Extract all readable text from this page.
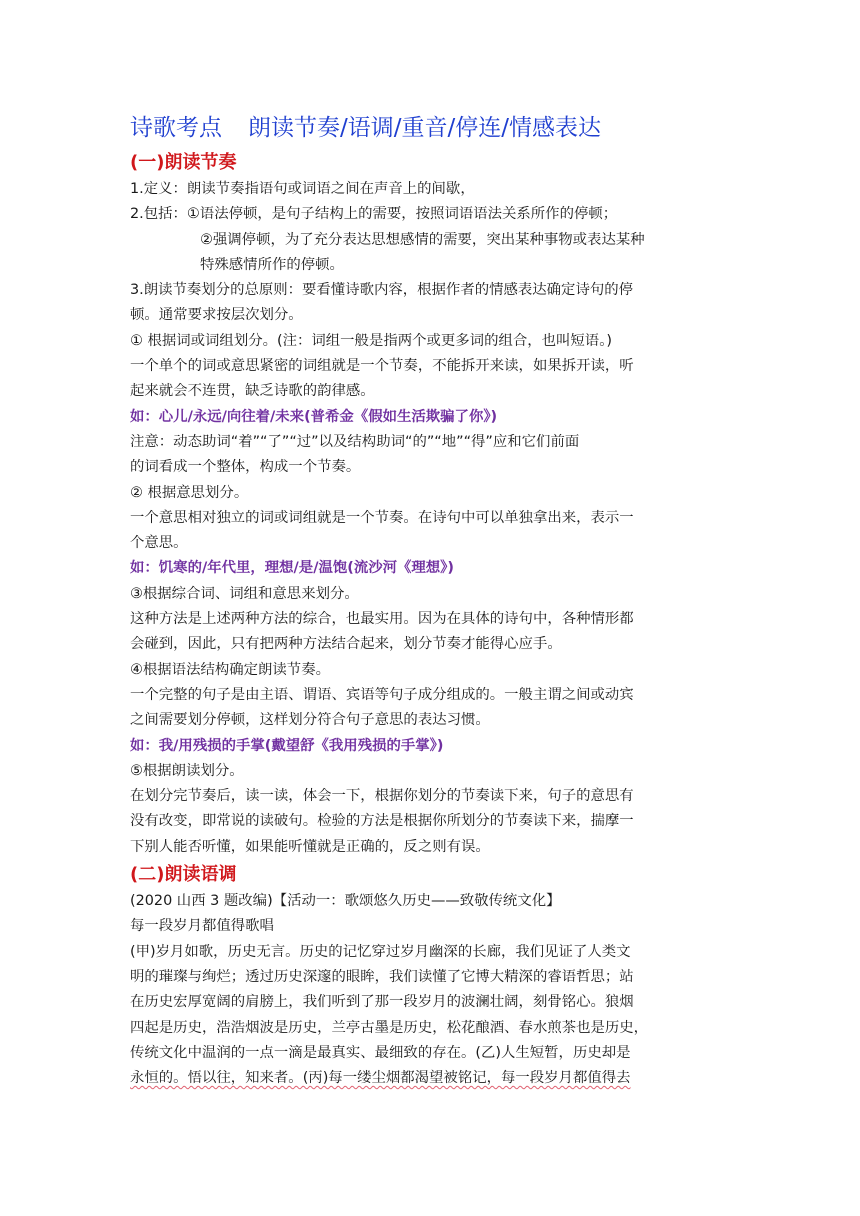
诗歌考点 朗读节奏/语调/重音/停连/情感表达
(一)朗读节奏
1.定义：朗读节奏指语句或词语之间在声音上的间歇，
2.包括：①语法停顿，是句子结构上的需要，按照词语语法关系所作的停顿；
②强调停顿，为了充分表达思想感情的需要，突出某种事物或表达某种
特殊感情所作的停顿。
3.朗读节奏划分的总原则：要看懂诗歌内容，根据作者的情感表达确定诗句的停
顿。通常要求按层次划分。
① 根据词或词组划分。(注：词组一般是指两个或更多词的组合，也叫短语。)
一个单个的词或意思紧密的词组就是一个节奏，不能拆开来读，如果拆开读，听
起来就会不连贯，缺乏诗歌的韵律感。
如：心儿/永远/向往着/未来(普希金《假如生活欺骗了你》)
注意：动态助词“着”“了”“过”以及结构助词“的”“地”“得”应和它们前面
的词看成一个整体，构成一个节奏。
② 根据意思划分。
一个意思相对独立的词或词组就是一个节奏。在诗句中可以单独拿出来，表示一
个意思。
如：饥寒的/年代里，理想/是/温饱(流沙河《理想》)
③根据综合词、词组和意思来划分。
这种方法是上述两种方法的综合，也最实用。因为在具体的诗句中，各种情形都
会碰到，因此，只有把两种方法结合起来，划分节奏才能得心应手。
④根据语法结构确定朗读节奏。
一个完整的句子是由主语、谓语、宾语等句子成分组成的。一般主谓之间或动宾
之间需要划分停顿，这样划分符合句子意思的表达习惯。
如：我/用残损的手掌(戴望舒《我用残损的手掌》)
⑤根据朗读划分。
在划分完节奏后，读一读，体会一下，根据你划分的节奏读下来，句子的意思有
没有改变，即常说的读破句。检验的方法是根据你所划分的节奏读下来，揣摩一
下别人能否听懂，如果能听懂就是正确的，反之则有误。
(二)朗读语调
(2020 山西 3 题改编)【活动一：歌颂悠久历史——致敬传统文化】
每一段岁月都值得歌唱
(甲)岁月如歌，历史无言。历史的记忆穿过岁月幽深的长廊，我们见证了人类文
明的璀璨与绚烂；透过历史深邃的眼眸，我们读懂了它博大精深的睿语哲思；站
在历史宏厚宽阔的肩膀上，我们听到了那一段岁月的波澜壮阔，刻骨铭心。狼烟
四起是历史，浩浩烟波是历史，兰亭古墨是历史，松花酿酒、春水煎茶也是历史，
传统文化中温润的一点一滴是最真实、最细致的存在。(乙)人生短暂，历史却是
永恒的。悟以往，知来者。(丙)每一缕尘烟都渴望被铭记，每一段岁月都值得去
